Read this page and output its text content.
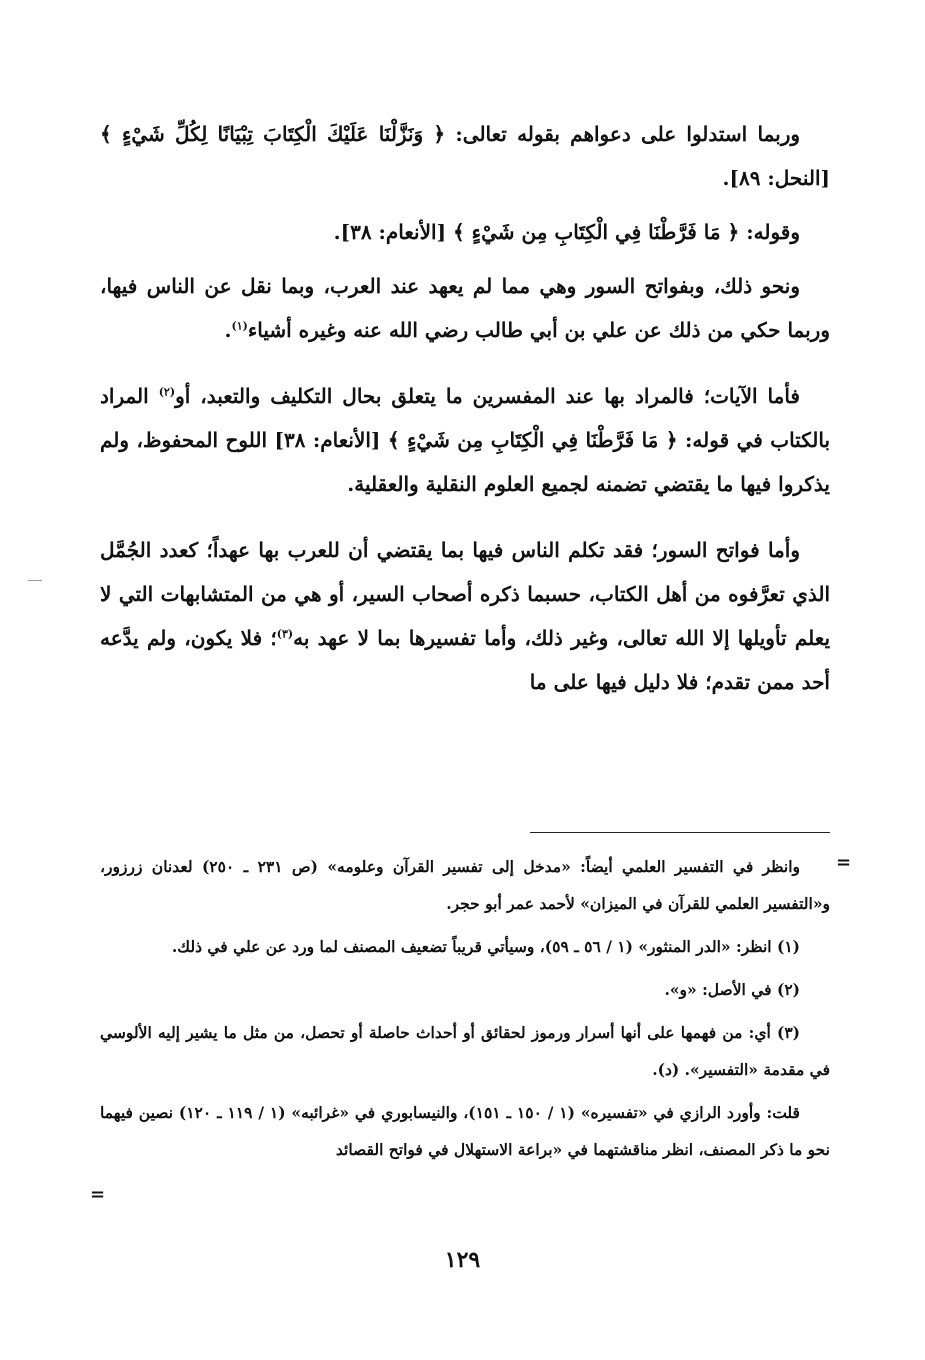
وربما استدلوا على دعواهم بقوله تعالى: ﴿ وَنَزَّلْنَا عَلَيْكَ الْكِتَابَ تِبْيَانًا لِكُلِّ شَيْءٍ ﴾ [النحل: ٨٩].

وقوله: ﴿ مَا فَرَّطْنَا فِي الْكِتَابِ مِن شَيْءٍ ﴾ [الأنعام: ٣٨].

ونحو ذلك، وبفواتح السور وهي مما لم يعهد عند العرب، وبما نقل عن الناس فيها، وربما حكي من ذلك عن علي بن أبي طالب رضي الله عنه وغيره أشياء$^{(١)}$.

فأما الآيات؛ فالمراد بها عند المفسرين ما يتعلق بحال التكليف والتعبد، أو$^{(٢)}$ المراد بالكتاب في قوله: ﴿ مَا فَرَّطْنَا فِي الْكِتَابِ مِن شَيْءٍ ﴾ [الأنعام: ٣٨] اللوح المحفوظ، ولم يذكروا فيها ما يقتضي تضمنه لجميع العلوم النقلية والعقلية.

وأما فواتح السور؛ فقد تكلم الناس فيها بما يقتضي أن للعرب بها عهداً؛ كعدد الجُمَّل الذي تعرَّفوه من أهل الكتاب، حسبما ذكره أصحاب السير، أو هي من المتشابهات التي لا يعلم تأويلها إلا الله تعالى، وغير ذلك، وأما تفسيرها بما لا عهد به$^{(٣)}$؛ فلا يكون، ولم يدَّعه أحد ممن تقدم؛ فلا دليل فيها على ما

وانظر في التفسير العلمي أيضاً: «مدخل إلى تفسير القرآن وعلومه» (ص ٢٣١ ـ ٢٥٠) لعدنان زرزور، و«التفسير العلمي للقرآن في الميزان» لأحمد عمر أبو حجر.

(١) انظر: «الدر المنثور» (١ / ٥٦ ـ ٥٩)، وسيأتي قريباً تضعيف المصنف لما ورد عن علي في ذلك.

(٢) في الأصل: «و».

(٣) أي: من فهمها على أنها أسرار ورموز لحقائق أو أحداث حاصلة أو تحصل، من مثل ما يشير إليه الألوسي في مقدمة «التفسير». (د).

قلت: وأورد الرازي في «تفسيره» (١ / ١٥٠ ـ ١٥١)، والنيسابوري في «غرائبه» (١ / ١١٩ ـ ١٢٠) نصين فيهما نحو ما ذكر المصنف، انظر مناقشتهما في «براعة الاستهلال في فواتح القصائد

=
=
١٢٩
